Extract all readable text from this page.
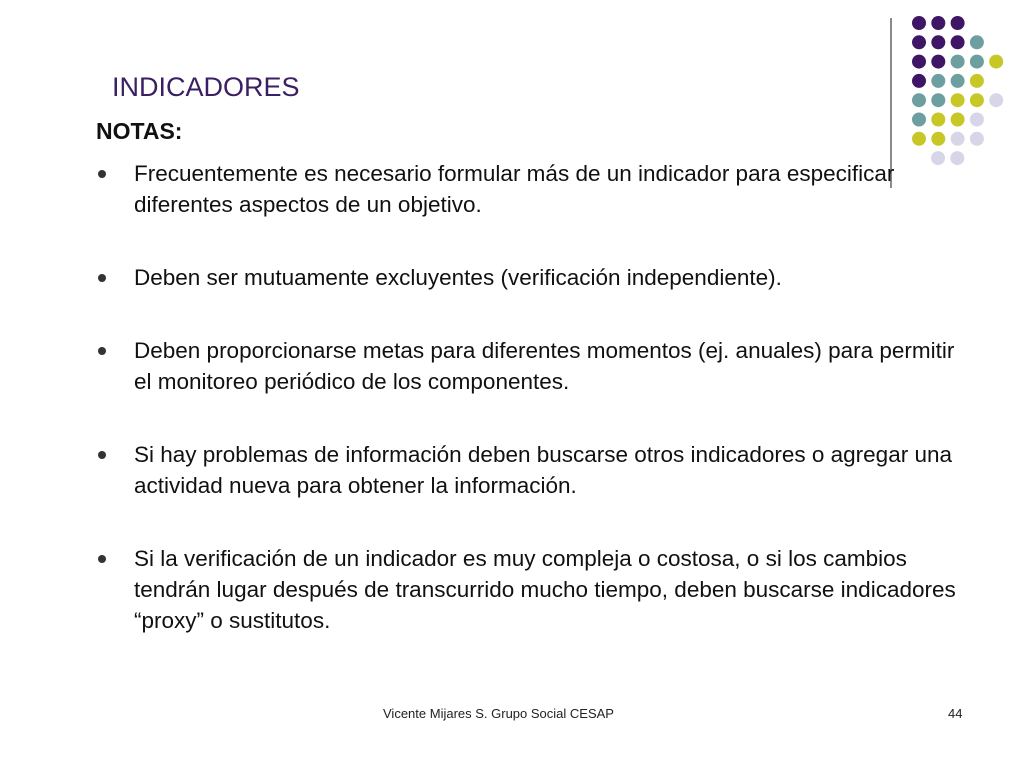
INDICADORES
NOTAS:
Frecuentemente es necesario formular más de un indicador para especificar diferentes aspectos de un objetivo.
Deben ser mutuamente excluyentes (verificación independiente).
Deben proporcionarse metas para diferentes momentos (ej. anuales) para permitir el monitoreo periódico de los componentes.
Si hay problemas de información deben buscarse otros indicadores o agregar una actividad nueva para obtener la información.
Si la verificación de un indicador es muy compleja o costosa, o si los cambios tendrán lugar después de transcurrido mucho tiempo, deben buscarse indicadores “proxy” o sustitutos.
Vicente Mijares S. Grupo Social CESAP	44
